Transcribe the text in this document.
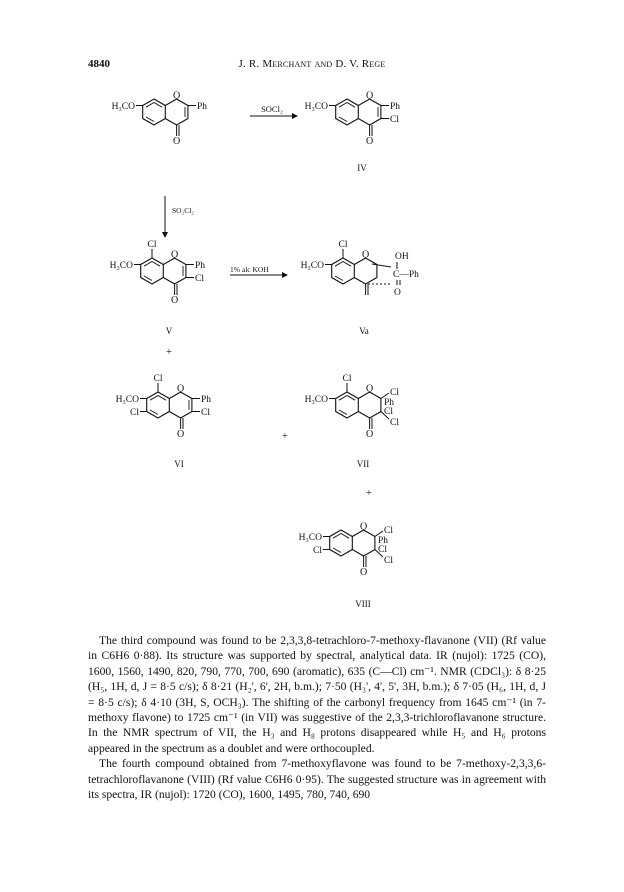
4840	J. R. Merchant and D. V. Rege
O
Ph
H₃CO
O
SOCl₂
O
Ph
Cl
H₃CO
O
IV
SO₂Cl₂
O
Cl
Ph
Cl
H₃CO
O
1% alc KOH
O
Cl
H₃CO
OH
C—Ph
O
V	Va
+
O
Cl
Ph
Cl
H₃CO
Cl
O	+
O
Cl
H₃CO
Cl
Ph
Cl
Cl
O
VI	VII
+
O
H₃CO
Cl
Cl
Ph
Cl
Cl
O
VIII

The third compound was found to be 2,3,3,8-tetrachloro-7-methoxy-flavanone (VII) (Rf value in C6H6 0·88). Its structure was supported by spectral, analytical data. IR (nujol): 1725 (CO), 1600, 1560, 1490, 820, 790, 770, 700, 690 (aromatic), 635 (C—Cl) cm⁻¹. NMR (CDCl₃): δ 8·25 (H₅, 1H, d, J = 8·5 c/s); δ 8·21 (H₂', 6', 2H, b.m.); 7·50 (H₃', 4', 5', 3H, b.m.); δ 7·05 (H₆, 1H, d, J = 8·5 c/s); δ 4·10 (3H, S, OCH₃). The shifting of the carbonyl frequency from 1645 cm⁻¹ (in 7-methoxy flavone) to 1725 cm⁻¹ (in VII) was suggestive of the 2,3,3-trichloroflavanone structure. In the NMR spectrum of VII, the H₃ and H₈ protons disappeared while H₅ and H₆ protons appeared in the spectrum as a doublet and were orthocoupled.

The fourth compound obtained from 7-methoxyflavone was found to be 7-methoxy-2,3,3,6-tetrachloroflavanone (VIII) (Rf value C6H6 0·95). The suggested structure was in agreement with its spectra, IR (nujol): 1720 (CO), 1600, 1495, 780, 740, 690
